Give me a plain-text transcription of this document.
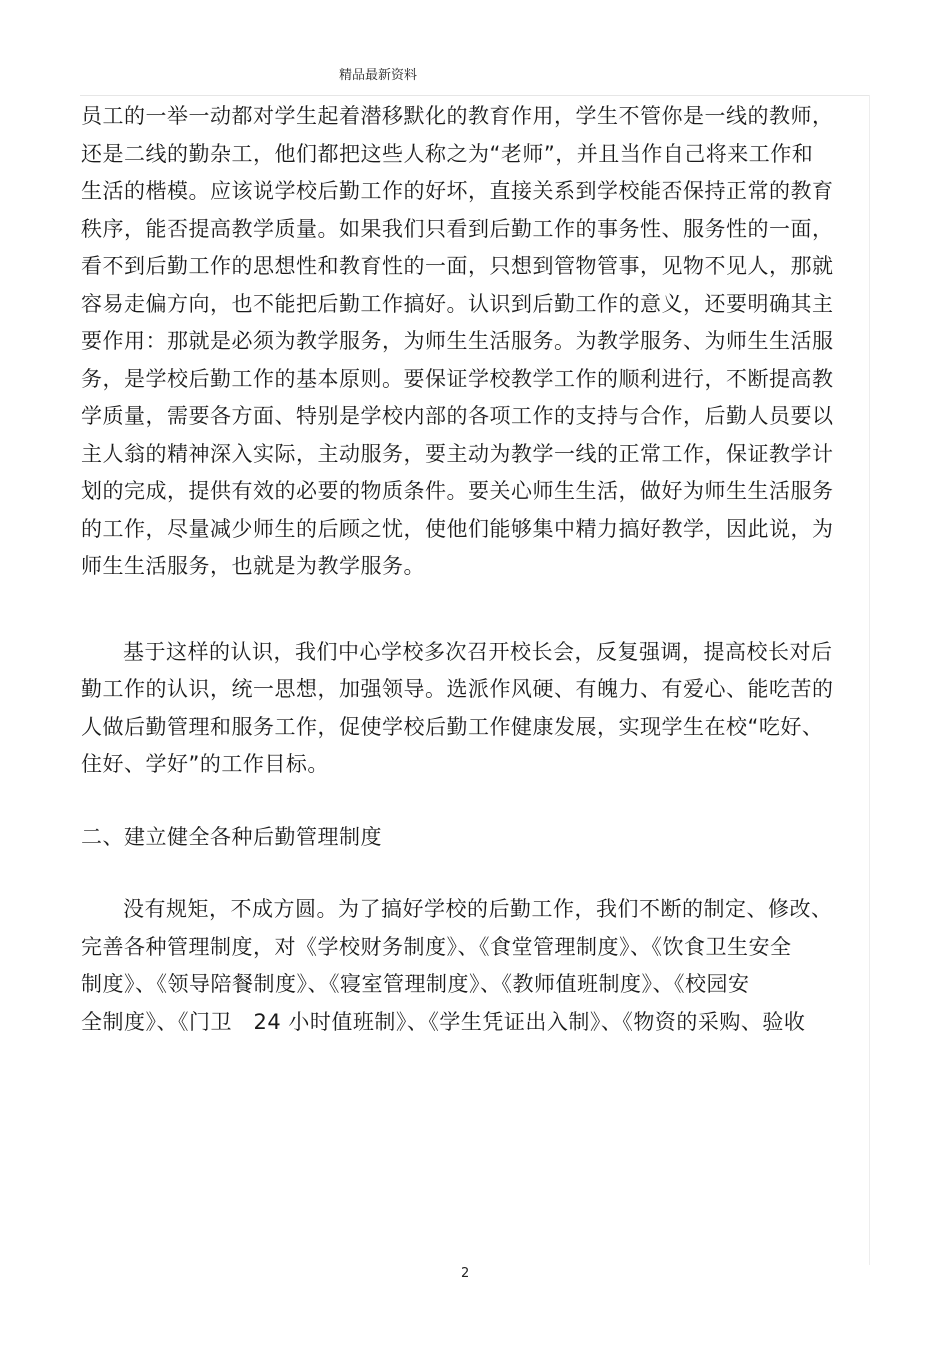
精品最新资料
员工的一举一动都对学生起着潜移默化的教育作用，学生不管你是一线的教师，
还是二线的勤杂工，他们都把这些人称之为“老师”，并且当作自己将来工作和
生活的楷模。应该说学校后勤工作的好坏，直接关系到学校能否保持正常的教育
秩序，能否提高教学质量。如果我们只看到后勤工作的事务性、服务性的一面，
看不到后勤工作的思想性和教育性的一面，只想到管物管事，见物不见人，那就
容易走偏方向，也不能把后勤工作搞好。认识到后勤工作的意义，还要明确其主
要作用：那就是必须为教学服务，为师生生活服务。为教学服务、为师生生活服
务，是学校后勤工作的基本原则。要保证学校教学工作的顺利进行，不断提高教
学质量，需要各方面、特别是学校内部的各项工作的支持与合作，后勤人员要以
主人翁的精神深入实际，主动服务，要主动为教学一线的正常工作，保证教学计
划的完成，提供有效的必要的物质条件。要关心师生生活，做好为师生生活服务
的工作，尽量减少师生的后顾之忧，使他们能够集中精力搞好教学，因此说，为
师生生活服务，也就是为教学服务。
基于这样的认识，我们中心学校多次召开校长会，反复强调，提高校长对后
勤工作的认识，统一思想，加强领导。选派作风硬、有魄力、有爱心、能吃苦的
人做后勤管理和服务工作，促使学校后勤工作健康发展，实现学生在校“吃好、
住好、学好”的工作目标。
二、建立健全各种后勤管理制度
没有规矩，不成方圆。为了搞好学校的后勤工作，我们不断的制定、修改、
完善各种管理制度，对《学校财务制度》、《食堂管理制度》、《饮食卫生安全
制度》、《领导陪餐制度》、《寝室管理制度》、《教师值班制度》、《校园安
全制度》、《门卫　24 小时值班制》、《学生凭证出入制》、《物资的采购、验收
2
